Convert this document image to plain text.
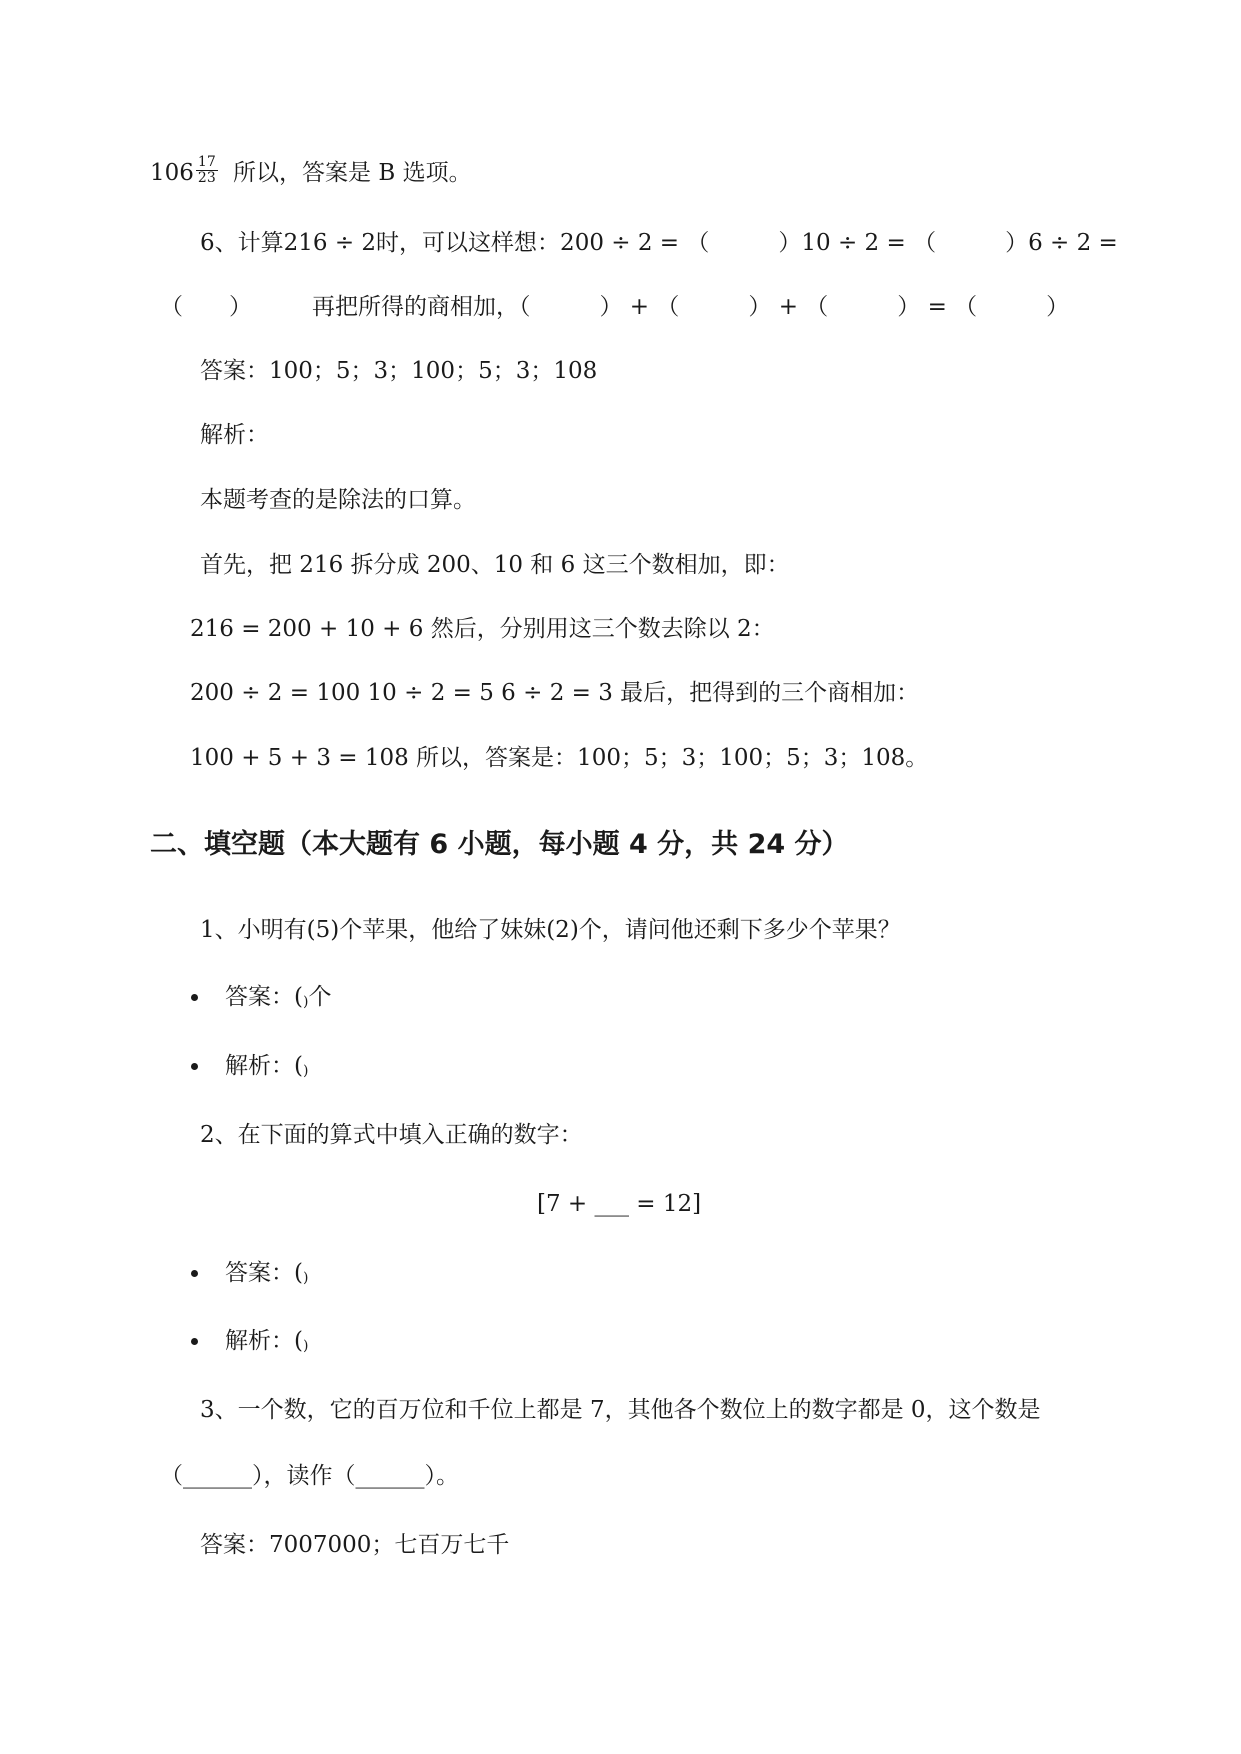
$106 \frac{17}{23}$ 所以，答案是 B 选项。
6、计算216 ÷ 2时，可以这样想：200 ÷ 2 = （　　　）10 ÷ 2 = （　　　）6 ÷ 2 =
（　　）	再把所得的商相加，（　　　） + （　　　） + （　　　） = （　　　）
答案：100；5；3；100；5；3；108
解析：
本题考查的是除法的口算。
首先，把 216 拆分成 200、10 和 6 这三个数相加，即：
216 = 200 + 10 + 6 然后，分别用这三个数去除以 2：
200 ÷ 2 = 100 10 ÷ 2 = 5 6 ÷ 2 = 3 最后，把得到的三个商相加：
100 + 5 + 3 = 108 所以，答案是：100；5；3；100；5；3；108。
二、填空题（本大题有 6 小题，每小题 4 分，共 24 分）
1、小明有(5)个苹果，他给了妹妹(2)个，请问他还剩下多少个苹果？
答案：()个
解析：()
2、在下面的算式中填入正确的数字：
[7 + ___ = 12]
答案：()
解析：()
3、一个数，它的百万位和千位上都是 7，其他各个数位上的数字都是 0，这个数是
（______），读作（______）。
答案：7007000；七百万七千
